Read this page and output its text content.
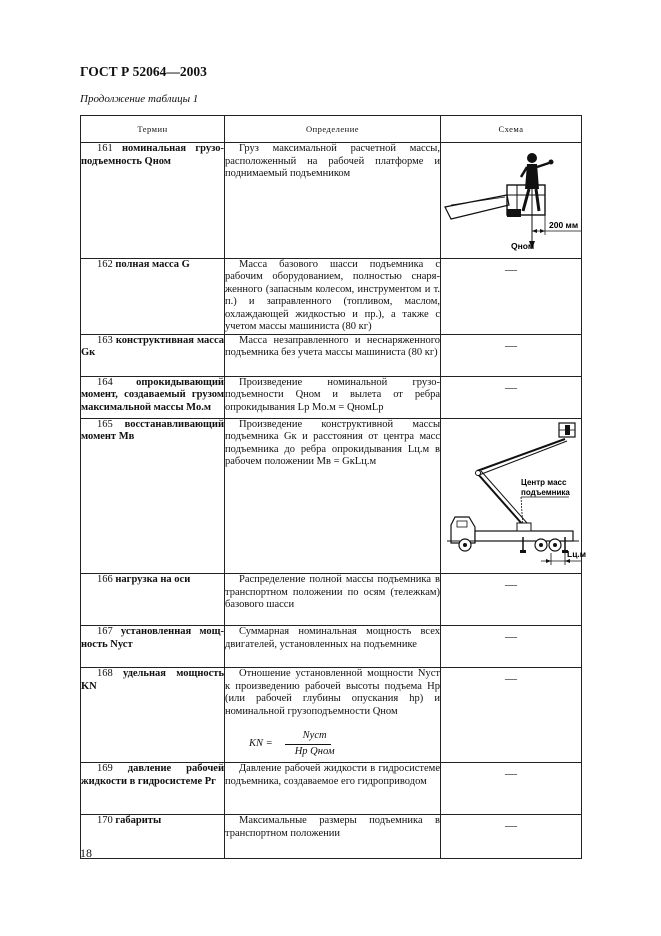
ГОСТ Р 52064—2003
Продолжение таблицы 1
Термин	Определение	Схема
161 номинальная грузоподъемность Qном	Груз максимальной расчетной массы, расположенный на рабочей платформе и поднимаемый подъемником	200 мм
Qном

162 полная масса G	Масса базового шасси подъемника с рабочим оборудованием, полностью снаряженного (запасным колесом, инструментом и т. п.) и заправленного (топливом, маслом, охлаждающей жидкостью и пр.), а также с учетом массы машиниста (80 кг)	—

163 конструктивная масса Gк	Масса незаправленного и неснаряженного подъемника без учета массы машиниста (80 кг)	—

164 опрокидывающий момент, создаваемый грузом максимальной массы Mо.м	Произведение номинальной грузоподъемности Qном и вылета от ребра опрокидывания Lр Mо.м = QномLр	—

165 восстанавливающий момент Mв	Произведение конструктивной массы подъемника Gк и расстояния от центра масс подъемника до ребра опрокидывания Lц.м в рабочем положении Mв = GкLц.м	Центр масс
подъемника
Lц.м

166 нагрузка на оси	Распределение полной массы подъемника в транспортном положении по осям (тележкам) базового шасси	—

167 установленная мощность Nуст	Суммарная номинальная мощность всех двигателей, установленных на подъемнике	—

168 удельная мощность KN	Отношение установленной мощности Nуст к произведению рабочей высоты подъема Hр (или рабочей глубины опускания hр) и номинальной грузоподъемности Qном
KN = $\frac{\text{Nуст}}{\text{Hр Qном}}$	—

169 давление рабочей жидкости в гидросистеме Pг	Давление рабочей жидкости в гидросистеме подъемника, создаваемое его гидроприводом	—

170 габариты	Максимальные размеры подъемника в транспортном положении	—
18
